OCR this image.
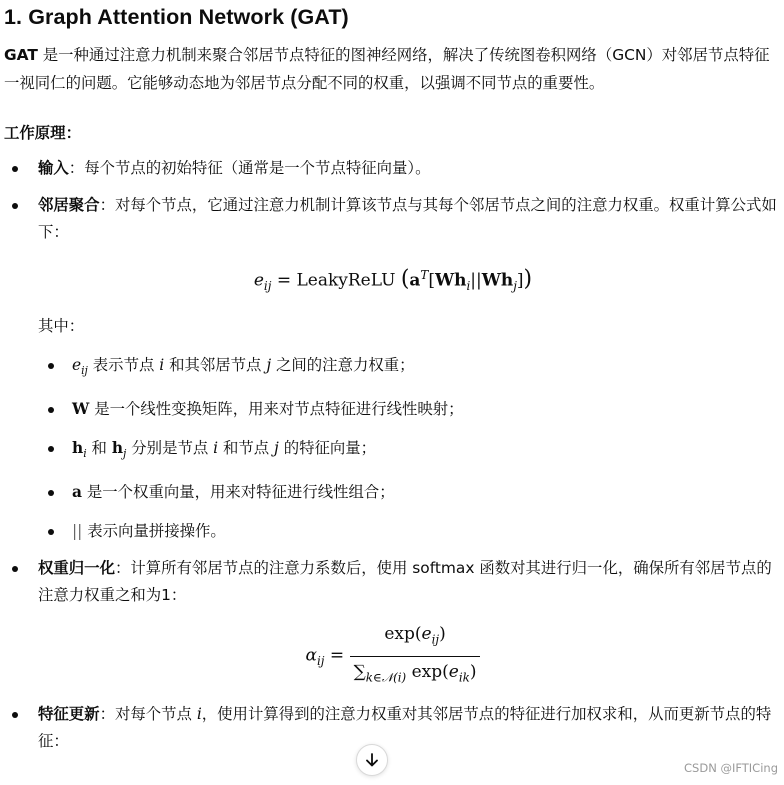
1. Graph Attention Network (GAT)

GAT 是一种通过注意力机制来聚合邻居节点特征的图神经网络，解决了传统图卷积网络（GCN）对邻居节点特征一视同仁的问题。它能够动态地为邻居节点分配不同的权重，以强调不同节点的重要性。

工作原理：
输入：每个节点的初始特征（通常是一个节点特征向量）。
邻居聚合：对每个节点，它通过注意力机制计算该节点与其每个邻居节点之间的注意力权重。权重计算公式如下：
$e_{ij}$ = LeakyReLU $(a^T[Wh_i||Wh_j])$
其中：
$e_{ij}$ 表示节点 i 和其邻居节点 j 之间的注意力权重；
W 是一个线性变换矩阵，用来对节点特征进行线性映射；
$h_i$ 和 $h_j$ 分别是节点 i 和节点 j 的特征向量；
a 是一个权重向量，用来对特征进行线性组合；
|| 表示向量拼接操作。
权重归一化：计算所有邻居节点的注意力系数后，使用 softmax 函数对其进行归一化，确保所有邻居节点的注意力权重之和为1：
$\alpha_{ij} = \frac{\exp(e_{ij})}{\sum_{k\in 𝒩(i)} \exp(e_{ik})}$
特征更新：对每个节点 i，使用计算得到的注意力权重对其邻居节点的特征进行加权求和，从而更新节点的特征：
CSDN @IFTICing
